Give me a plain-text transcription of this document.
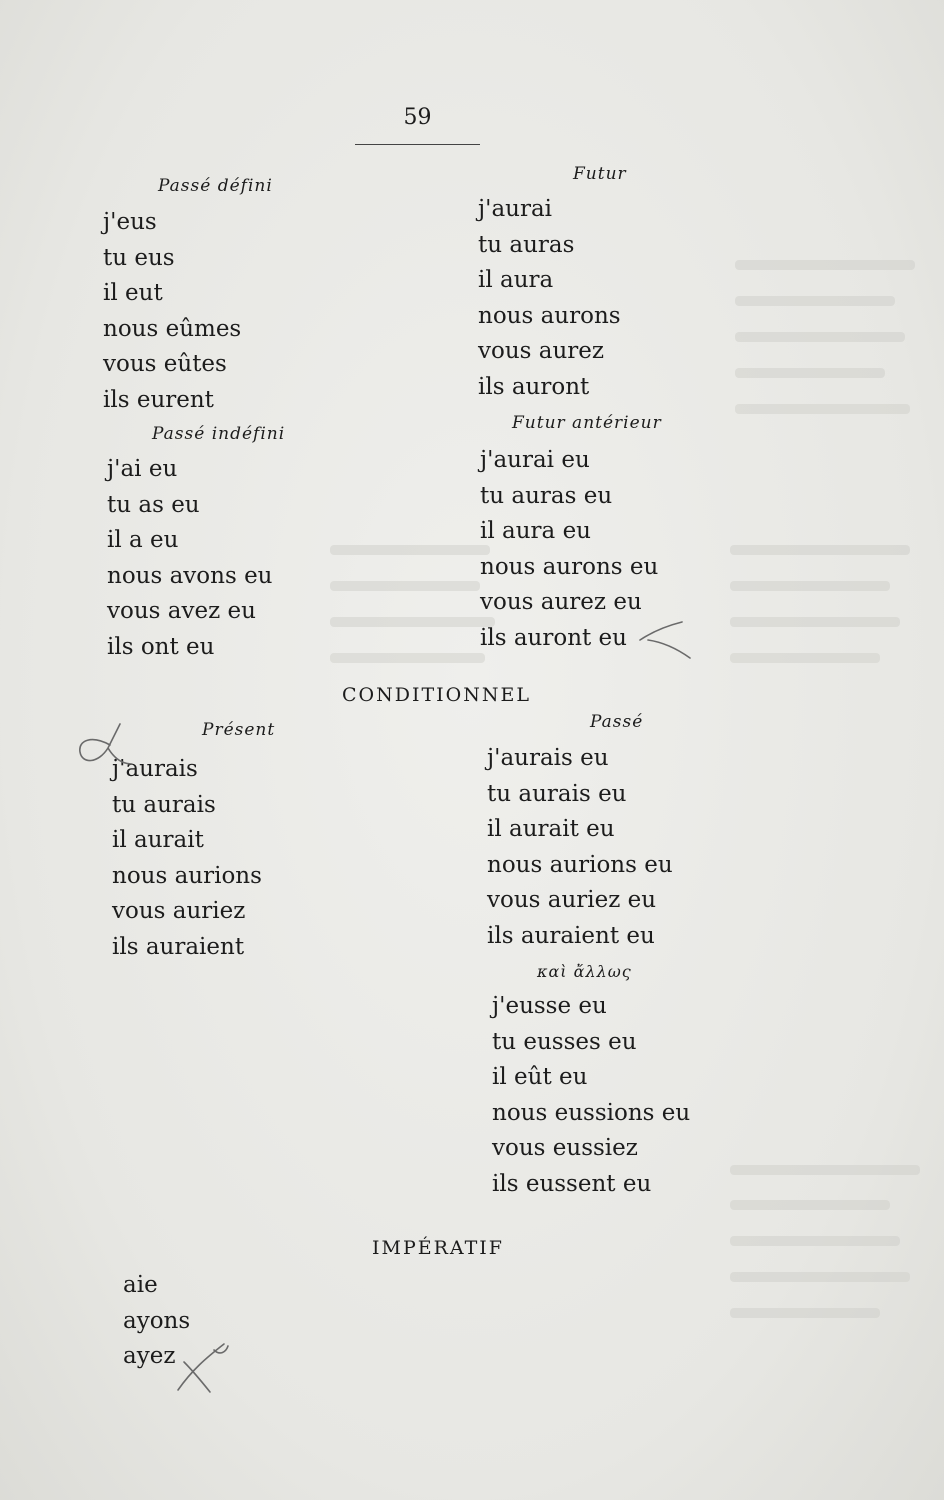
59
Passé défini
j'eus
tu eus
il eut
nous eûmes
vous eûtes
ils eurent
Futur
j'aurai
tu auras
il aura
nous aurons
vous aurez
ils auront
Passé indéfini
j'ai eu
tu as eu
il a eu
nous avons eu
vous avez eu
ils ont eu
Futur antérieur
j'aurai eu
tu auras eu
il aura eu
nous aurons eu
vous aurez eu
ils auront eu
CONDITIONNEL
Présent
j'aurais
tu aurais
il aurait
nous aurions
vous auriez
ils auraient
Passé
j'aurais eu
tu aurais eu
il aurait eu
nous aurions eu
vous auriez eu
ils auraient eu
καὶ ἄλλως
j'eusse eu
tu eusses eu
il eût eu
nous eussions eu
vous eussiez
ils eussent eu
IMPÉRATIF
aie
ayons
ayez
